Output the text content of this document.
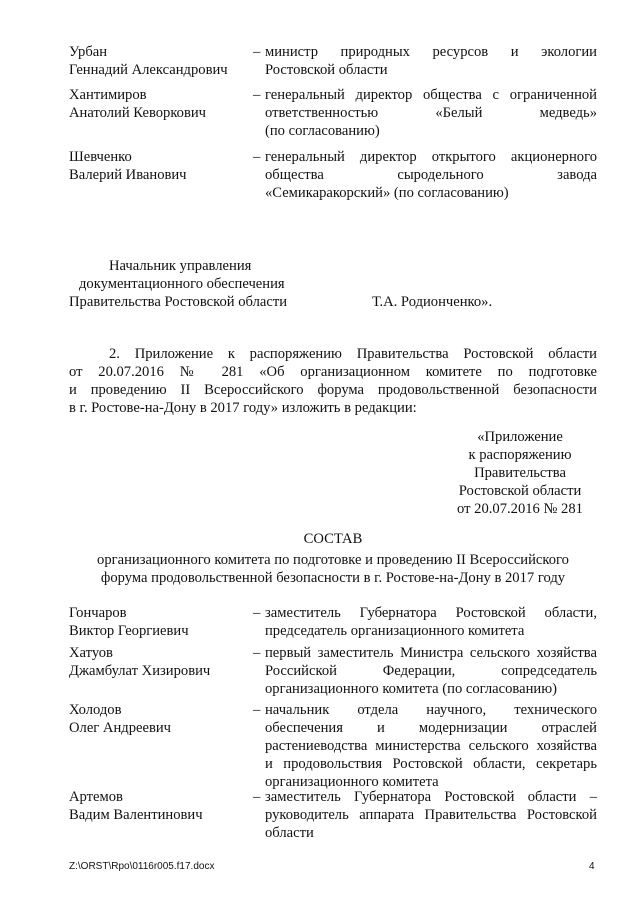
Урбан
Геннадий Александрович
– министр природных ресурсов и экологии
Ростовской области
Хантимиров
Анатолий Кеворкович
– генеральный директор общества с ограниченной
ответственностью «Белый медведь»
(по согласованию)
Шевченко
Валерий Иванович
– генеральный директор открытого акционерного
общества сыродельного завода
«Семикаракорский» (по согласованию)
Начальник управления
документационного обеспечения
Правительства Ростовской области	Т.А. Родионченко».
2. Приложение к распоряжению Правительства Ростовской области
от 20.07.2016 № 281 «Об организационном комитете по подготовке
и проведению II Всероссийского форума продовольственной безопасности
в г. Ростове-на-Дону в 2017 году» изложить в редакции:
«Приложение
к распоряжению
Правительства
Ростовской области
от 20.07.2016 № 281
СОСТАВ
организационного комитета по подготовке и проведению II Всероссийского
форума продовольственной безопасности в г. Ростове-на-Дону в 2017 году
Гончаров
Виктор Георгиевич
– заместитель Губернатора Ростовской области,
председатель организационного комитета
Хатуов
Джамбулат Хизирович
– первый заместитель Министра сельского хозяйства
Российской Федерации, сопредседатель
организационного комитета (по согласованию)
Холодов
Олег Андреевич
– начальник отдела научного, технического
обеспечения и модернизации отраслей
растениеводства министерства сельского хозяйства
и продовольствия Ростовской области, секретарь
организационного комитета
Артемов
Вадим Валентинович
– заместитель Губернатора Ростовской области –
руководитель аппарата Правительства Ростовской
области
Z:\ORST\Rpo\0116r005.f17.docx	4
